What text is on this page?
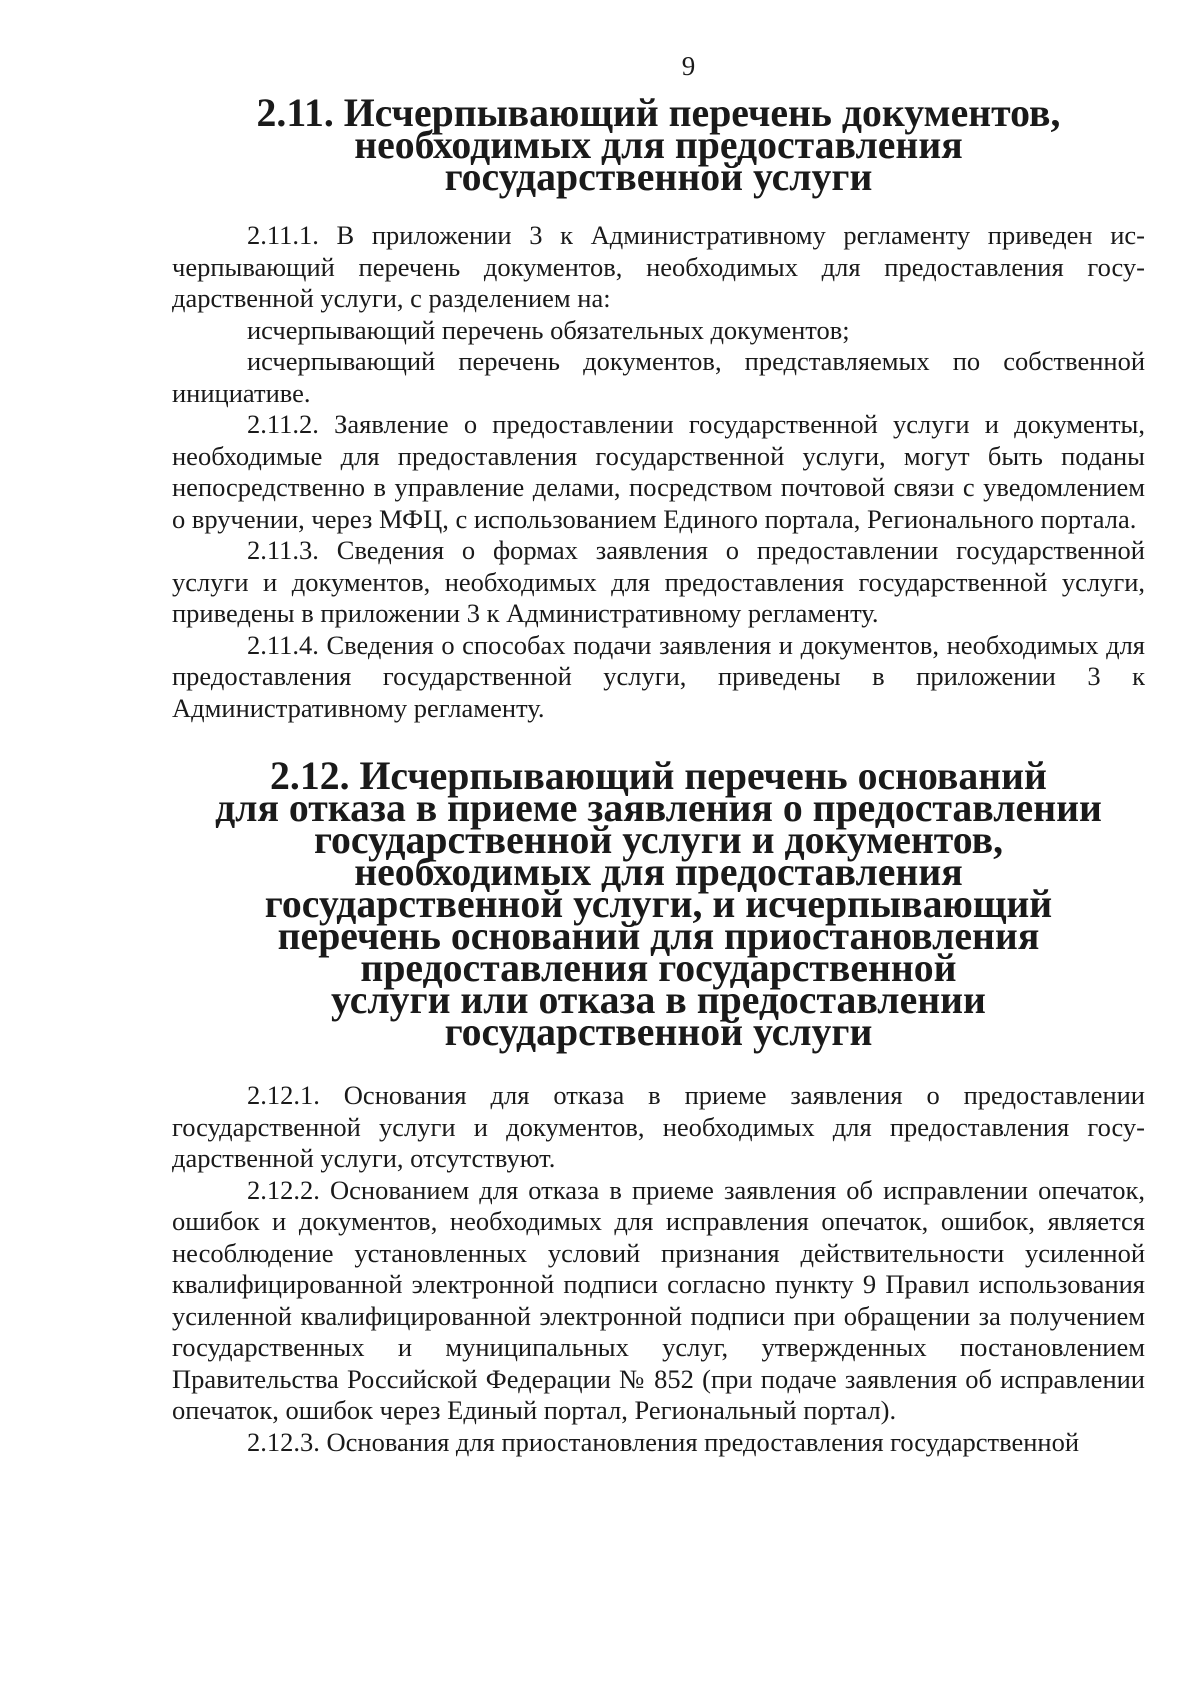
9
2.11. Исчерпывающий перечень документов,
необходимых для предоставления
государственной услуги

2.11.1. В приложении 3 к Административному регламенту приведен исчерпывающий перечень документов, необходимых для предоставления государственной услуги, с разделением на:

исчерпывающий перечень обязательных документов;

исчерпывающий перечень документов, представляемых по собственной инициативе.

2.11.2. Заявление о предоставлении государственной услуги и документы, необходимые для предоставления государственной услуги, могут быть поданы непосредственно в управление делами, посредством почтовой связи с уведомлением о вручении, через МФЦ, с использованием Единого портала, Регионального портала.

2.11.3. Сведения о формах заявления о предоставлении государственной услуги и документов, необходимых для предоставления государственной услуги, приведены в приложении 3 к Административному регламенту.

2.11.4. Сведения о способах подачи заявления и документов, необходимых для предоставления государственной услуги, приведены в приложении 3 к Административному регламенту.

2.12. Исчерпывающий перечень оснований
для отказа в приеме заявления о предоставлении
государственной услуги и документов,
необходимых для предоставления
государственной услуги, и исчерпывающий
перечень оснований для приостановления
предоставления государственной
услуги или отказа в предоставлении
государственной услуги

2.12.1. Основания для отказа в приеме заявления о предоставлении государственной услуги и документов, необходимых для предоставления государственной услуги, отсутствуют.

2.12.2. Основанием для отказа в приеме заявления об исправлении опечаток, ошибок и документов, необходимых для исправления опечаток, ошибок, является несоблюдение установленных условий признания действительности усиленной квалифицированной электронной подписи согласно пункту 9 Правил использования усиленной квалифицированной электронной подписи при обращении за получением государственных и муниципальных услуг, утвержденных постановлением Правительства Российской Федерации № 852 (при подаче заявления об исправлении опечаток, ошибок через Единый портал, Региональный портал).

2.12.3. Основания для приостановления предоставления государственной
